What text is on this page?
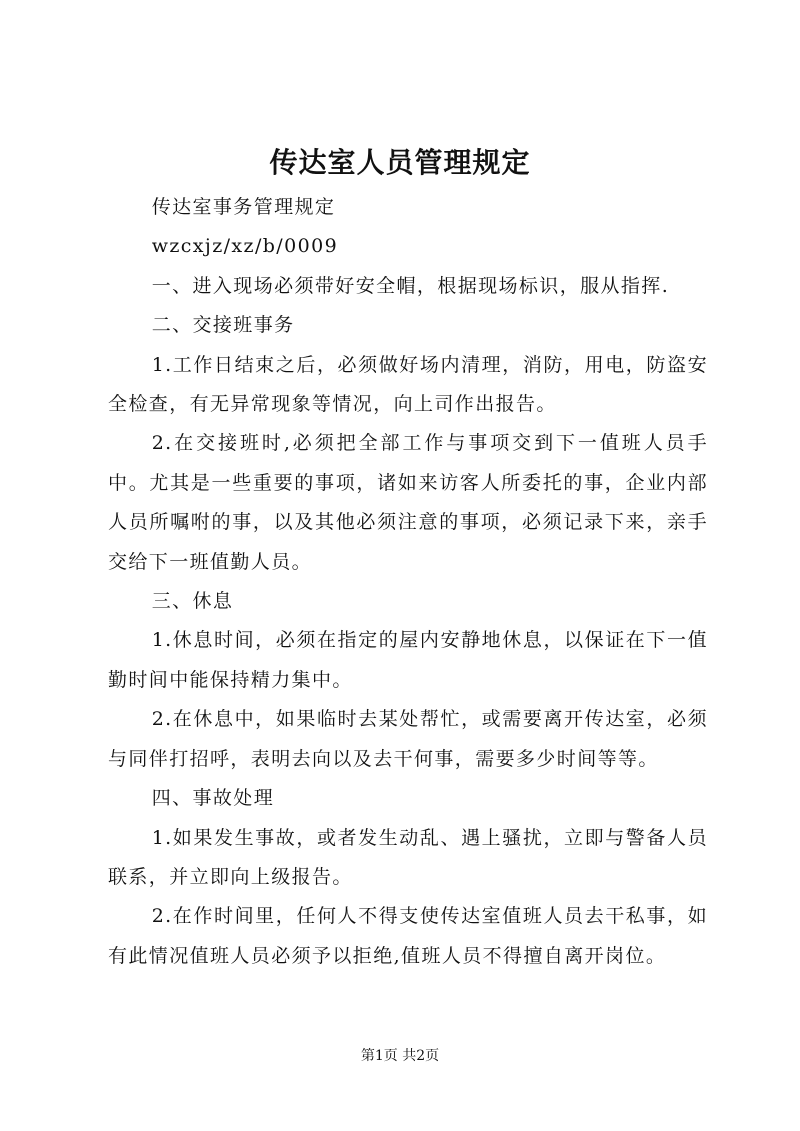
传达室人员管理规定

传达室事务管理规定

wzcxjz/xz/b/0009

一、进入现场必须带好安全帽，根据现场标识，服从指挥.

二、交接班事务

1.工作日结束之后，必须做好场内清理，消防，用电，防盗安全检查，有无异常现象等情况，向上司作出报告。

2.在交接班时,必须把全部工作与事项交到下一值班人员手中。尤其是一些重要的事项，诸如来访客人所委托的事，企业内部人员所嘱咐的事，以及其他必须注意的事项，必须记录下来，亲手交给下一班值勤人员。

三、休息

1.休息时间，必须在指定的屋内安静地休息，以保证在下一值勤时间中能保持精力集中。

2.在休息中，如果临时去某处帮忙，或需要离开传达室，必须与同伴打招呼，表明去向以及去干何事，需要多少时间等等。

四、事故处理

1.如果发生事故，或者发生动乱、遇上骚扰，立即与警备人员联系，并立即向上级报告。

2.在作时间里，任何人不得支使传达室值班人员去干私事，如有此情况值班人员必须予以拒绝,值班人员不得擅自离开岗位。

第1页 共2页
